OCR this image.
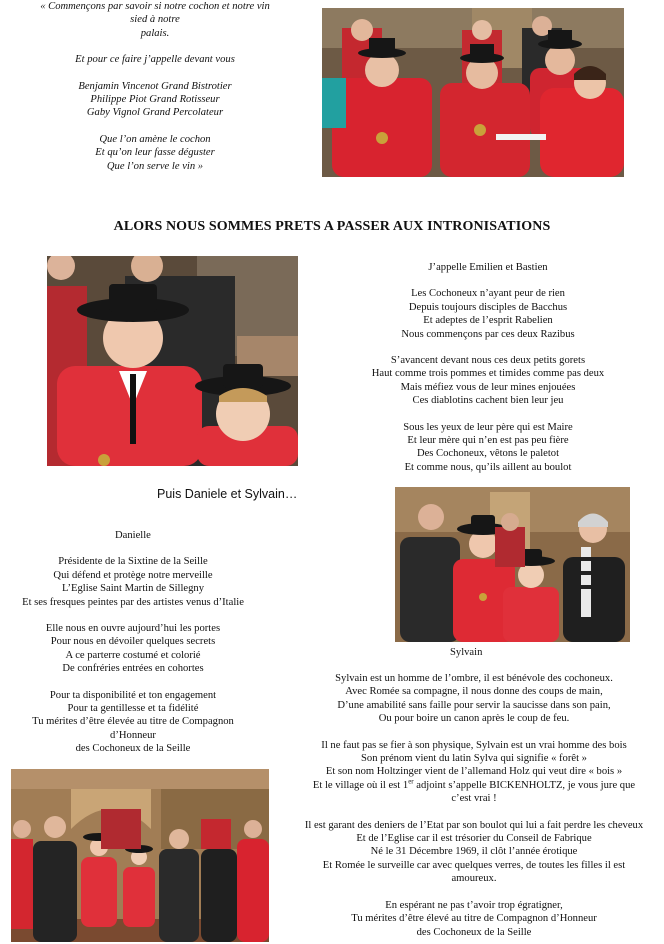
« Commençons par savoir si notre cochon et notre vin
sied à notre
palais.
Et pour ce faire j’appelle devant vous
Benjamin Vincenot Grand Bistrotier
Philippe Piot Grand Rotisseur
Gaby Vignol Grand Percolateur
Que l’on amène le cochon
Et qu’on leur fasse déguster
Que l’on serve le vin »
ALORS NOUS SOMMES PRETS A PASSER AUX INTRONISATIONS
J’appelle Emilien et Bastien
Les Cochoneux n’ayant peur de rien
Depuis toujours disciples de Bacchus
Et adeptes de l’esprit Rabelien
Nous commençons par ces deux Razibus
S’avancent devant nous ces deux petits gorets
Haut comme trois pommes et timides comme pas deux
Mais méfiez vous de leur mines enjouées
Ces diablotins cachent bien leur jeu
Sous les yeux de leur père qui est Maire
Et leur mère qui n’en est pas peu fière
Des Cochoneux, vêtons le paletot
Et comme nous, qu’ils aillent au boulot
Puis Daniele et Sylvain…
Danielle
Présidente de la Sixtine de la Seille
Qui défend et protège notre merveille
L’Eglise Saint Martin de Sillegny
Et ses fresques peintes par des artistes venus d’Italie
Elle nous en ouvre aujourd’hui les portes
Pour nous en dévoiler quelques secrets
A ce parterre costumé et colorié
De confréries entrées en cohortes
Pour ta disponibilité et ton engagement
Pour ta gentillesse et ta fidélité
Tu mérites d’être élevée au titre de Compagnon
d’Honneur
des Cochoneux de la Seille
Sylvain
Sylvain est un homme de l’ombre, il est bénévole des cochoneux.
Avec Romée sa compagne, il nous donne des coups de main,
D’une amabilité sans faille pour servir la saucisse dans son pain,
Ou pour boire un canon après le coup de feu.
Il ne faut pas se fier à son physique, Sylvain est un vrai homme des bois
Son prénom vient du latin Sylva qui signifie « forêt »
Et son nom Holtzinger vient de l’allemand Holz qui veut dire « bois »
Et le village où il est 1er adjoint s’appelle BICKENHOLTZ, je vous jure que
c’est vrai !
Il est garant des deniers de l’Etat par son boulot qui lui a fait perdre les cheveux
Et de l’Eglise car il est trésorier du Conseil de Fabrique
Né le 31 Décembre 1969, il clôt l’année érotique
Et Romée le surveille car avec quelques verres, de toutes les filles il est
amoureux.
En espérant ne pas t’avoir trop égratigner,
Tu mérites d’être élevé au titre de Compagnon d’Honneur
des Cochoneux de la Seille
